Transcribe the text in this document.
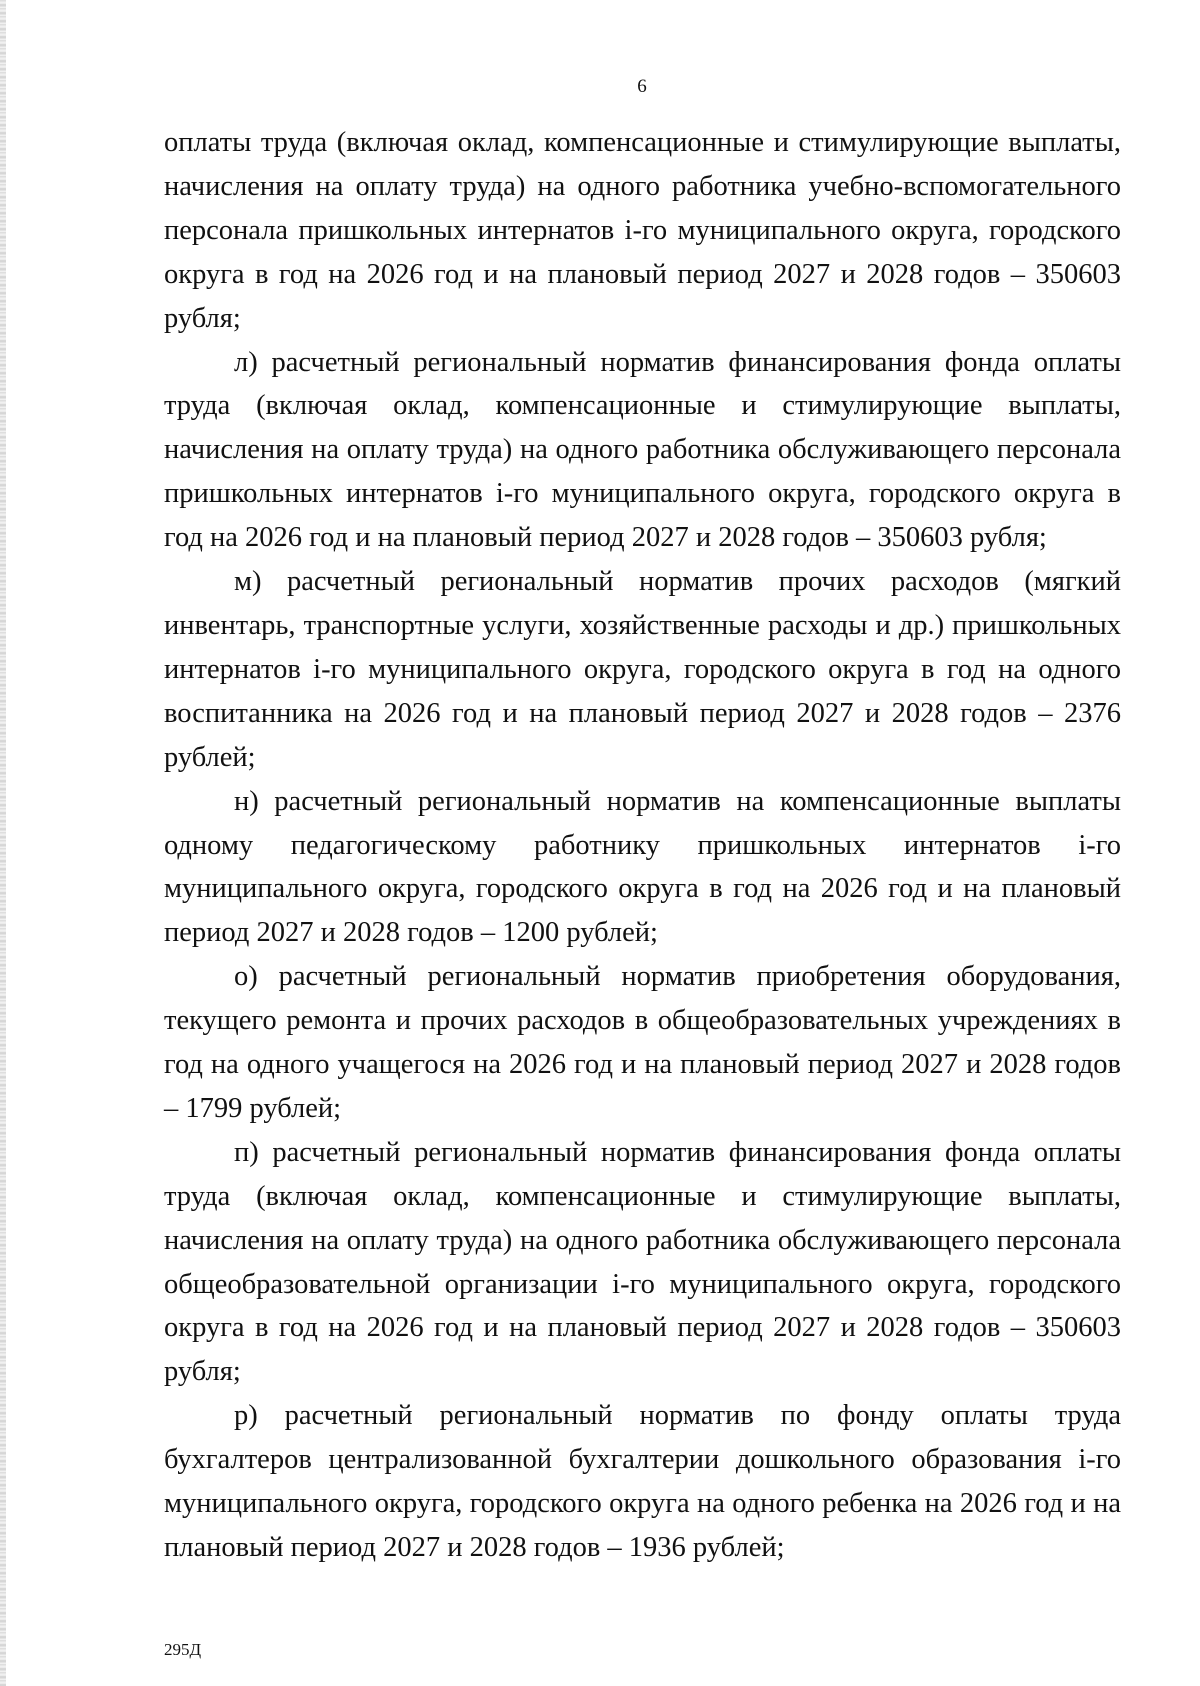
6

оплаты труда (включая оклад, компенсационные и стимулирующие выплаты, начисления на оплату труда) на одного работника учебно-вспомогательного персонала пришкольных интернатов i-го муниципального округа, городского округа в год на 2026 год и на плановый период 2027 и 2028 годов – 350603 рубля;

л) расчетный региональный норматив финансирования фонда оплаты труда (включая оклад, компенсационные и стимулирующие выплаты, начисления на оплату труда) на одного работника обслуживающего персонала пришкольных интернатов i-го муниципального округа, городского округа в год на 2026 год и на плановый период 2027 и 2028 годов – 350603 рубля;

м) расчетный региональный норматив прочих расходов (мягкий инвентарь, транспортные услуги, хозяйственные расходы и др.) пришкольных интернатов i-го муниципального округа, городского округа в год на одного воспитанника на 2026 год и на плановый период 2027 и 2028 годов – 2376 рублей;

н) расчетный региональный норматив на компенсационные выплаты одному педагогическому работнику пришкольных интернатов i-го муниципального округа, городского округа в год на 2026 год и на плановый период 2027 и 2028 годов – 1200 рублей;

о) расчетный региональный норматив приобретения оборудования, текущего ремонта и прочих расходов в общеобразовательных учреждениях в год на одного учащегося на 2026 год и на плановый период 2027 и 2028 годов – 1799 рублей;

п) расчетный региональный норматив финансирования фонда оплаты труда (включая оклад, компенсационные и стимулирующие выплаты, начисления на оплату труда) на одного работника обслуживающего персонала общеобразовательной организации i-го муниципального округа, городского округа в год на 2026 год и на плановый период 2027 и 2028 годов – 350603 рубля;

р) расчетный региональный норматив по фонду оплаты труда бухгалтеров централизованной бухгалтерии дошкольного образования i-го муниципального округа, городского округа на одного ребенка на 2026 год и на плановый период 2027 и 2028 годов – 1936 рублей;

295Д
